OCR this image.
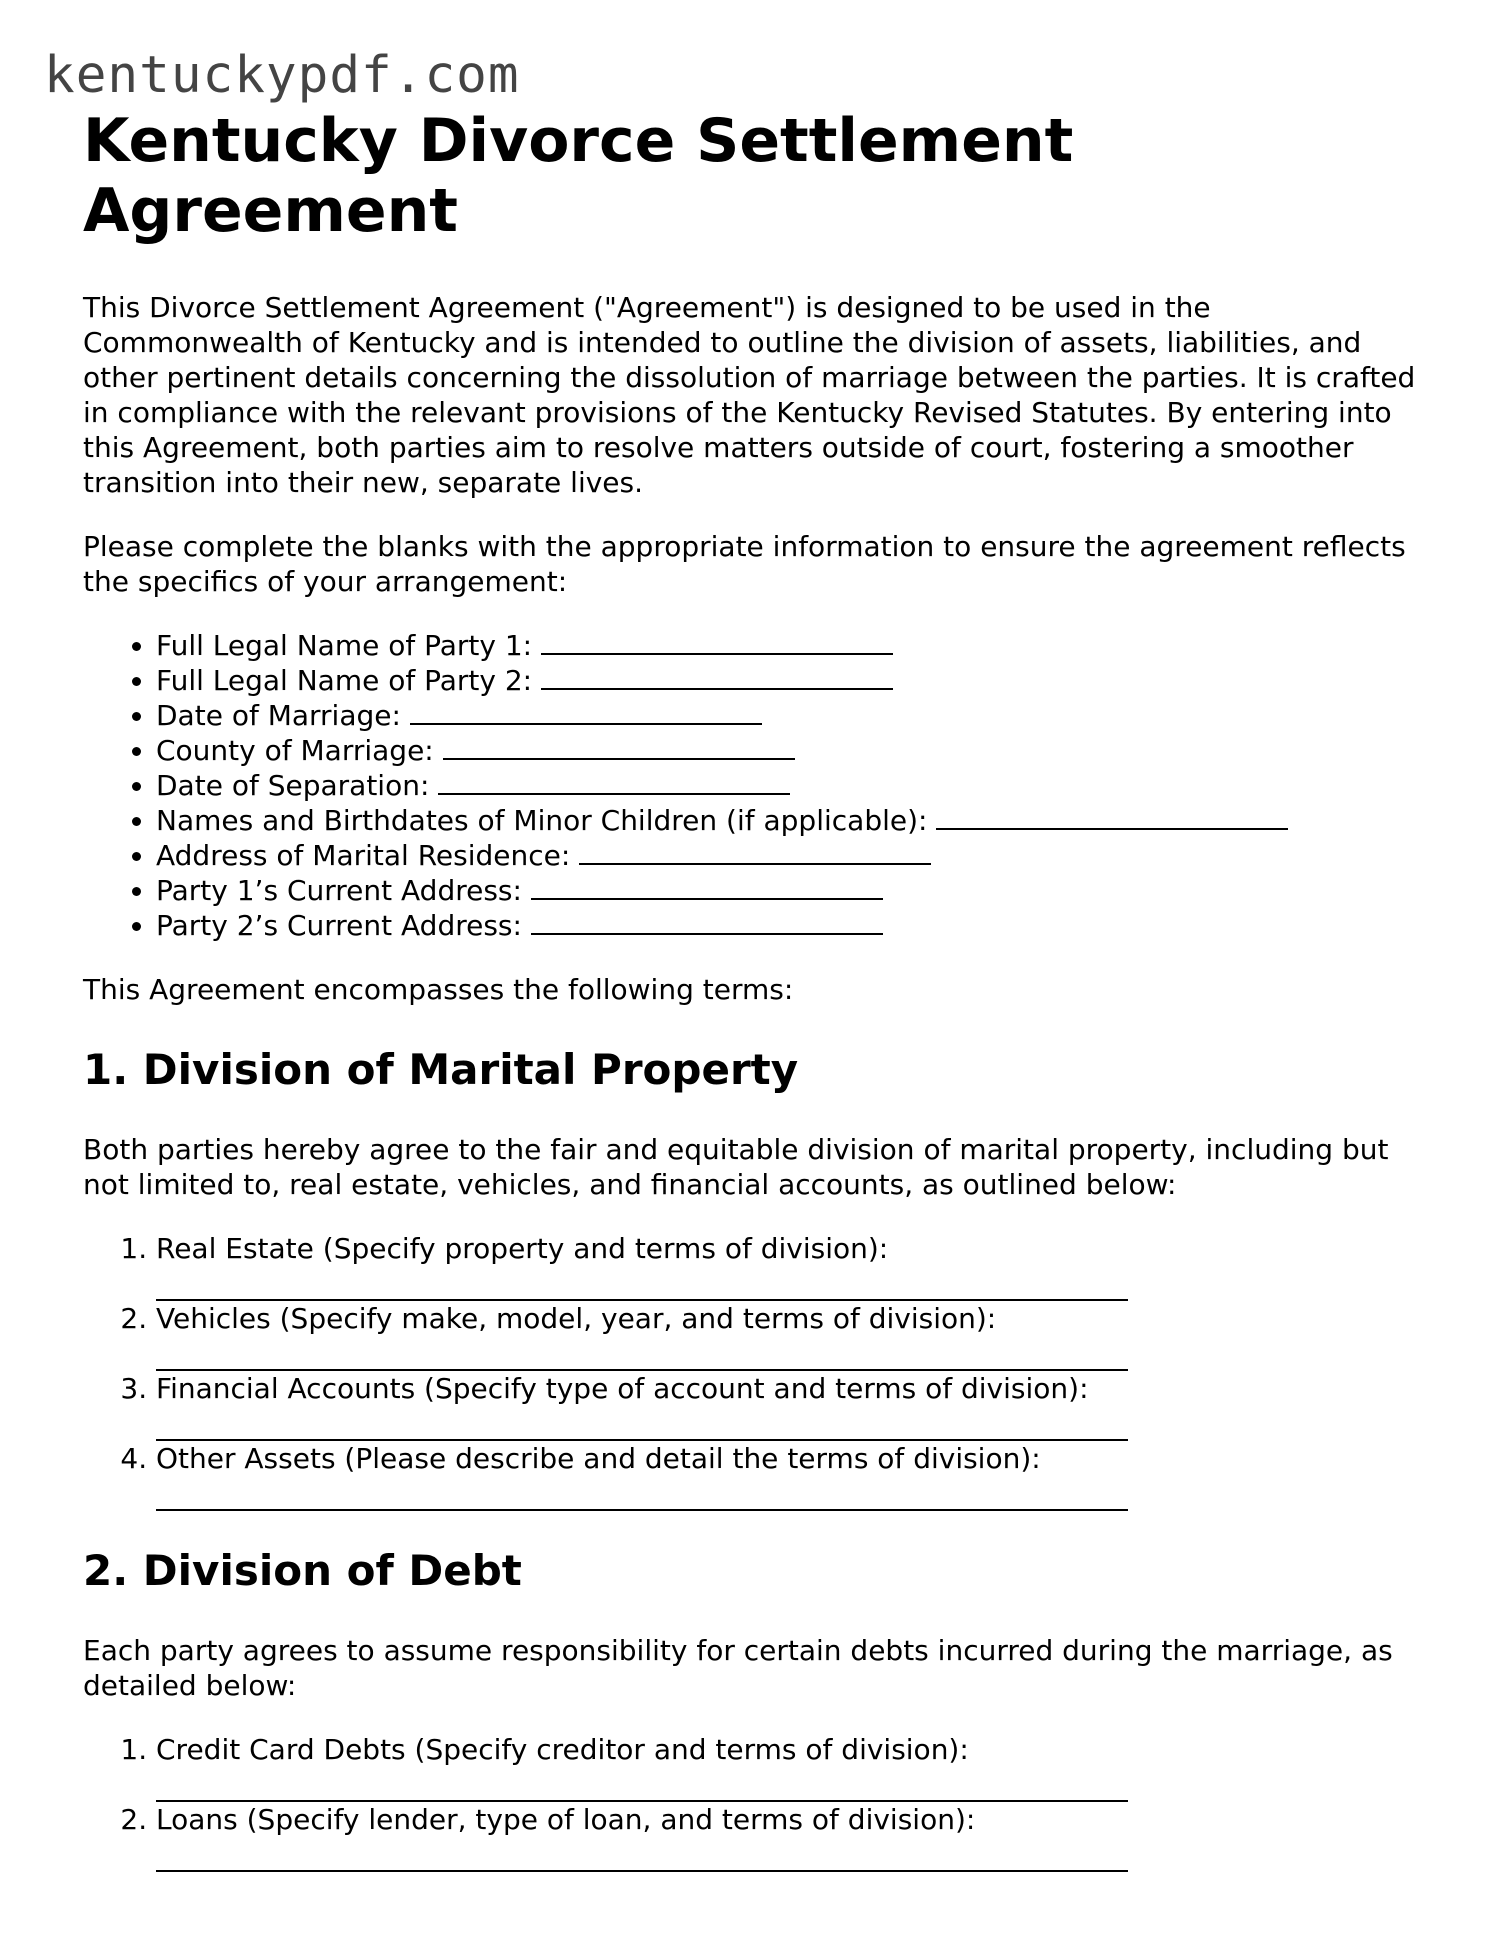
kentuckypdf.com
Kentucky Divorce Settlement Agreement

This Divorce Settlement Agreement ("Agreement") is designed to be used in the Commonwealth of Kentucky and is intended to outline the division of assets, liabilities, and other pertinent details concerning the dissolution of marriage between the parties. It is crafted in compliance with the relevant provisions of the Kentucky Revised Statutes. By entering into this Agreement, both parties aim to resolve matters outside of court, fostering a smoother transition into their new, separate lives.

Please complete the blanks with the appropriate information to ensure the agreement reflects the specifics of your arrangement:

• Full Legal Name of Party 1:
• Full Legal Name of Party 2:
• Date of Marriage:
• County of Marriage:
• Date of Separation:
• Names and Birthdates of Minor Children (if applicable):
• Address of Marital Residence:
• Party 1’s Current Address:
• Party 2’s Current Address:

This Agreement encompasses the following terms:

1. Division of Marital Property

Both parties hereby agree to the fair and equitable division of marital property, including but not limited to, real estate, vehicles, and financial accounts, as outlined below:

1. Real Estate (Specify property and terms of division):
2. Vehicles (Specify make, model, year, and terms of division):
3. Financial Accounts (Specify type of account and terms of division):
4. Other Assets (Please describe and detail the terms of division):
2. Division of Debt

Each party agrees to assume responsibility for certain debts incurred during the marriage, as detailed below:

1. Credit Card Debts (Specify creditor and terms of division):
2. Loans (Specify lender, type of loan, and terms of division):
